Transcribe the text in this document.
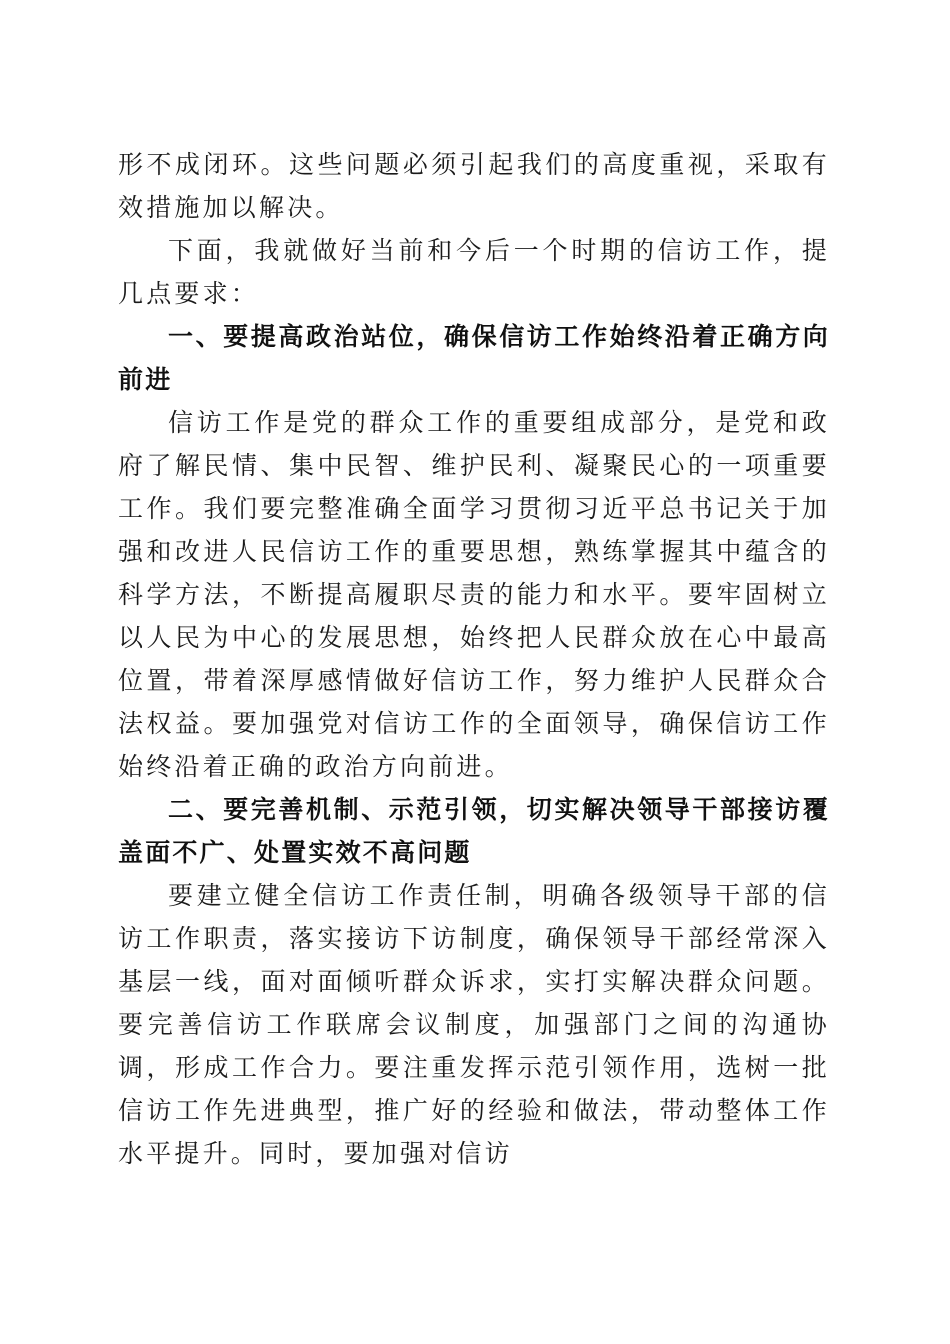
形不成闭环。这些问题必须引起我们的高度重视，采取有效措施加以解决。

下面，我就做好当前和今后一个时期的信访工作，提几点要求：

一、要提高政治站位，确保信访工作始终沿着正确方向前进

信访工作是党的群众工作的重要组成部分，是党和政府了解民情、集中民智、维护民利、凝聚民心的一项重要工作。我们要完整准确全面学习贯彻习近平总书记关于加强和改进人民信访工作的重要思想，熟练掌握其中蕴含的科学方法，不断提高履职尽责的能力和水平。要牢固树立以人民为中心的发展思想，始终把人民群众放在心中最高位置，带着深厚感情做好信访工作，努力维护人民群众合法权益。要加强党对信访工作的全面领导，确保信访工作始终沿着正确的政治方向前进。

二、要完善机制、示范引领，切实解决领导干部接访覆盖面不广、处置实效不高问题

要建立健全信访工作责任制，明确各级领导干部的信访工作职责，落实接访下访制度，确保领导干部经常深入基层一线，面对面倾听群众诉求，实打实解决群众问题。要完善信访工作联席会议制度，加强部门之间的沟通协调，形成工作合力。要注重发挥示范引领作用，选树一批信访工作先进典型，推广好的经验和做法，带动整体工作水平提升。同时，要加强对信访
